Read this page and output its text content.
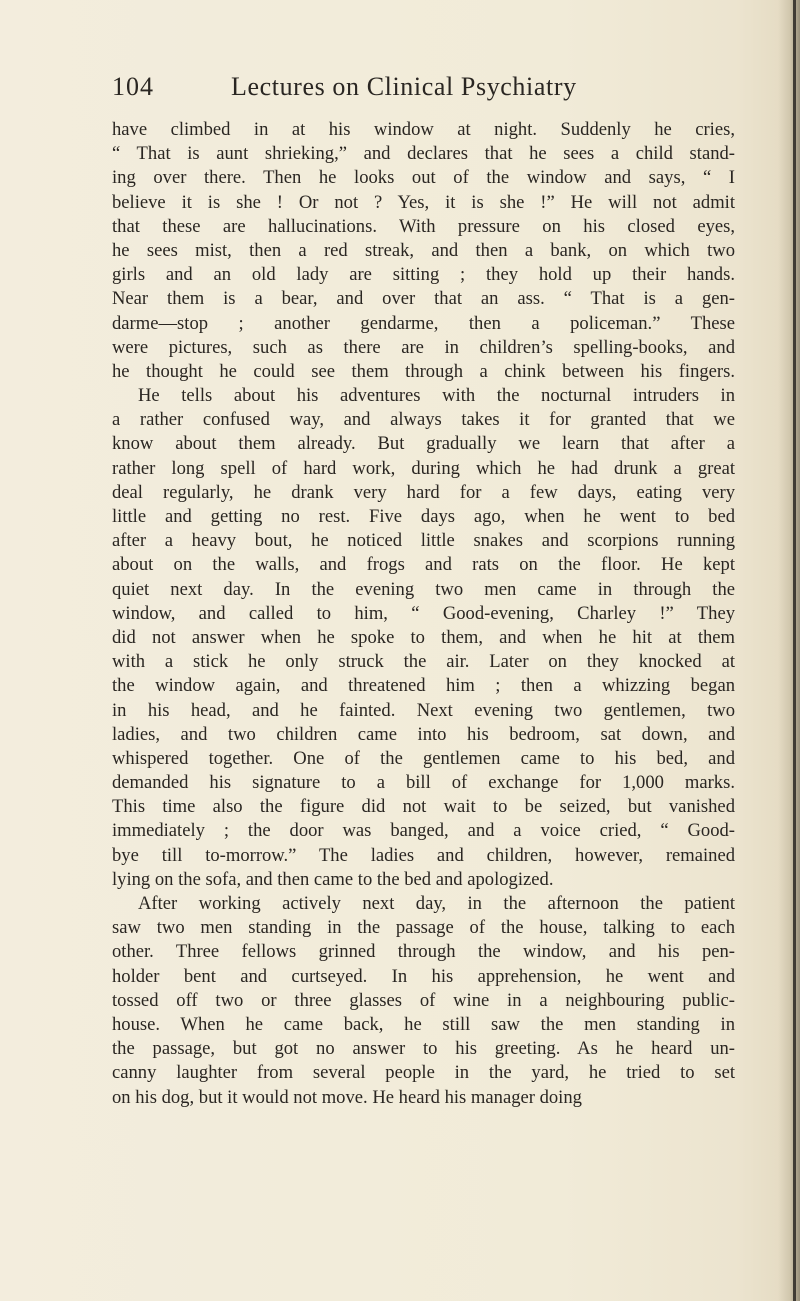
104	Lectures on Clinical Psychiatry
have climbed in at his window at night. Suddenly he cries,
“ That is aunt shrieking,” and declares that he sees a child stand-
ing over there. Then he looks out of the window and says, “ I
believe it is she ! Or not ? Yes, it is she !” He will not admit
that these are hallucinations. With pressure on his closed eyes,
he sees mist, then a red streak, and then a bank, on which two
girls and an old lady are sitting ; they hold up their hands.
Near them is a bear, and over that an ass. “ That is a gen-
darme—stop ; another gendarme, then a policeman.” These
were pictures, such as there are in children’s spelling-books, and
he thought he could see them through a chink between his fingers.
He tells about his adventures with the nocturnal intruders in
a rather confused way, and always takes it for granted that we
know about them already. But gradually we learn that after a
rather long spell of hard work, during which he had drunk a great
deal regularly, he drank very hard for a few days, eating very
little and getting no rest. Five days ago, when he went to bed
after a heavy bout, he noticed little snakes and scorpions running
about on the walls, and frogs and rats on the floor. He kept
quiet next day. In the evening two men came in through the
window, and called to him, “ Good-evening, Charley !” They
did not answer when he spoke to them, and when he hit at them
with a stick he only struck the air. Later on they knocked at
the window again, and threatened him ; then a whizzing began
in his head, and he fainted. Next evening two gentlemen, two
ladies, and two children came into his bedroom, sat down, and
whispered together. One of the gentlemen came to his bed, and
demanded his signature to a bill of exchange for 1,000 marks.
This time also the figure did not wait to be seized, but vanished
immediately ; the door was banged, and a voice cried, “ Good-
bye till to-morrow.” The ladies and children, however, remained
lying on the sofa, and then came to the bed and apologized.
After working actively next day, in the afternoon the patient
saw two men standing in the passage of the house, talking to each
other. Three fellows grinned through the window, and his pen-
holder bent and curtseyed. In his apprehension, he went and
tossed off two or three glasses of wine in a neighbouring public-
house. When he came back, he still saw the men standing in
the passage, but got no answer to his greeting. As he heard un-
canny laughter from several people in the yard, he tried to set
on his dog, but it would not move. He heard his manager doing
